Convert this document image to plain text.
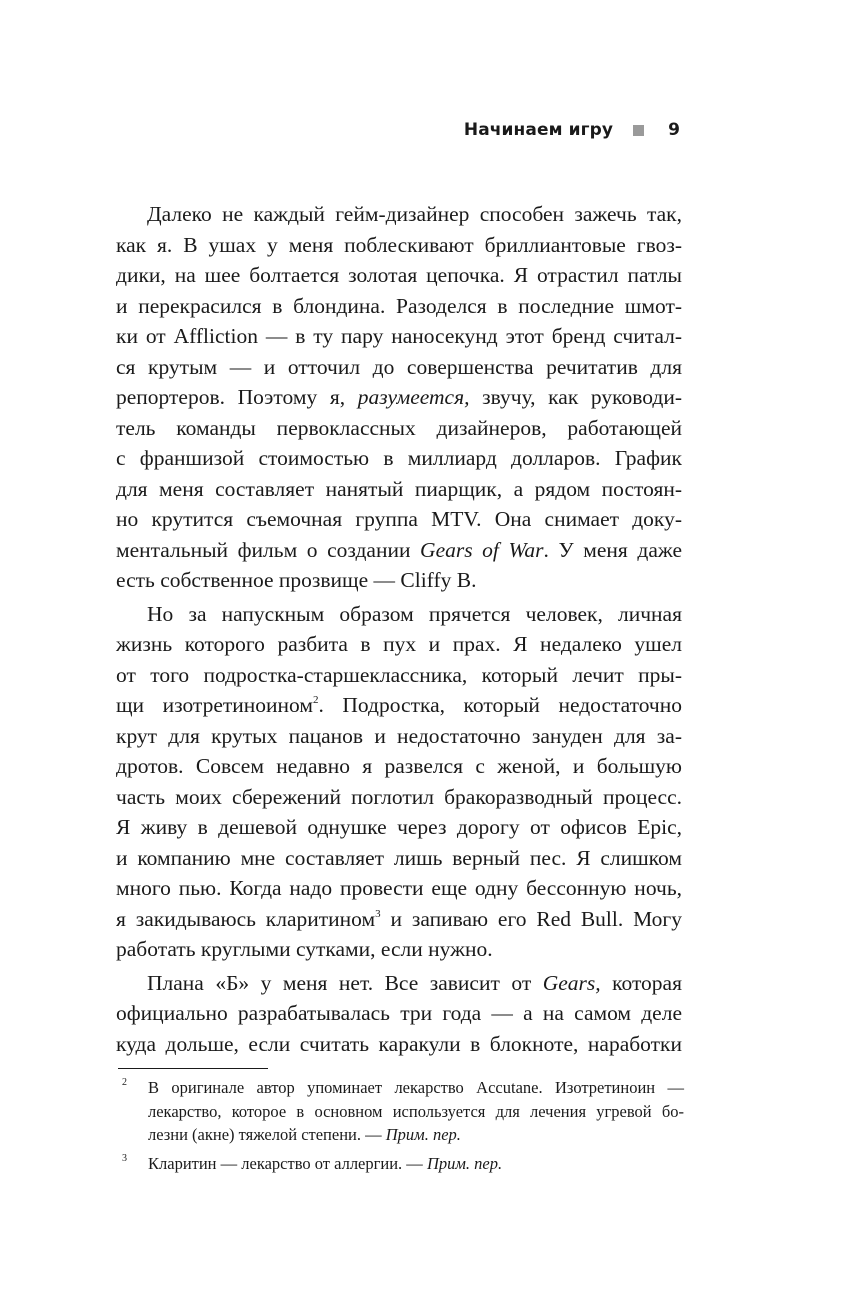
Начинаем игру	9
Далеко не каждый гейм-дизайнер способен зажечь так,
как я. В ушах у меня поблескивают бриллиантовые гвоз-
дики, на шее болтается золотая цепочка. Я отрастил патлы
и перекрасился в блондина. Разоделся в последние шмот-
ки от Affliction — в ту пару наносекунд этот бренд считал-
ся крутым — и отточил до совершенства речитатив для
репортеров. Поэтому я, разумеется, звучу, как руководи-
тель команды первоклассных дизайнеров, работающей
с франшизой стоимостью в миллиард долларов. График
для меня составляет нанятый пиарщик, а рядом постоян-
но крутится съемочная группа MTV. Она снимает доку-
ментальный фильм о создании Gears of War. У меня даже
есть собственное прозвище — Cliffy B.
Но за напускным образом прячется человек, личная
жизнь которого разбита в пух и прах. Я недалеко ушел
от того подростка-старшеклассника, который лечит пры-
щи изотретиноином$^2$. Подростка, который недостаточно
крут для крутых пацанов и недостаточно зануден для за-
дротов. Совсем недавно я развелся с женой, и большую
часть моих сбережений поглотил бракоразводный процесс.
Я живу в дешевой однушке через дорогу от офисов Epic,
и компанию мне составляет лишь верный пес. Я слишком
много пью. Когда надо провести еще одну бессонную ночь,
я закидываюсь кларитином$^3$ и запиваю его Red Bull. Могу
работать круглыми сутками, если нужно.
Плана «Б» у меня нет. Все зависит от Gears, которая
официально разрабатывалась три года — а на самом деле
куда дольше, если считать каракули в блокноте, наработки
2 В оригинале автор упоминает лекарство Accutane. Изотретиноин —
лекарство, которое в основном используется для лечения угревой бо-
лезни (акне) тяжелой степени. — Прим. пер.
3 Кларитин — лекарство от аллергии. — Прим. пер.
